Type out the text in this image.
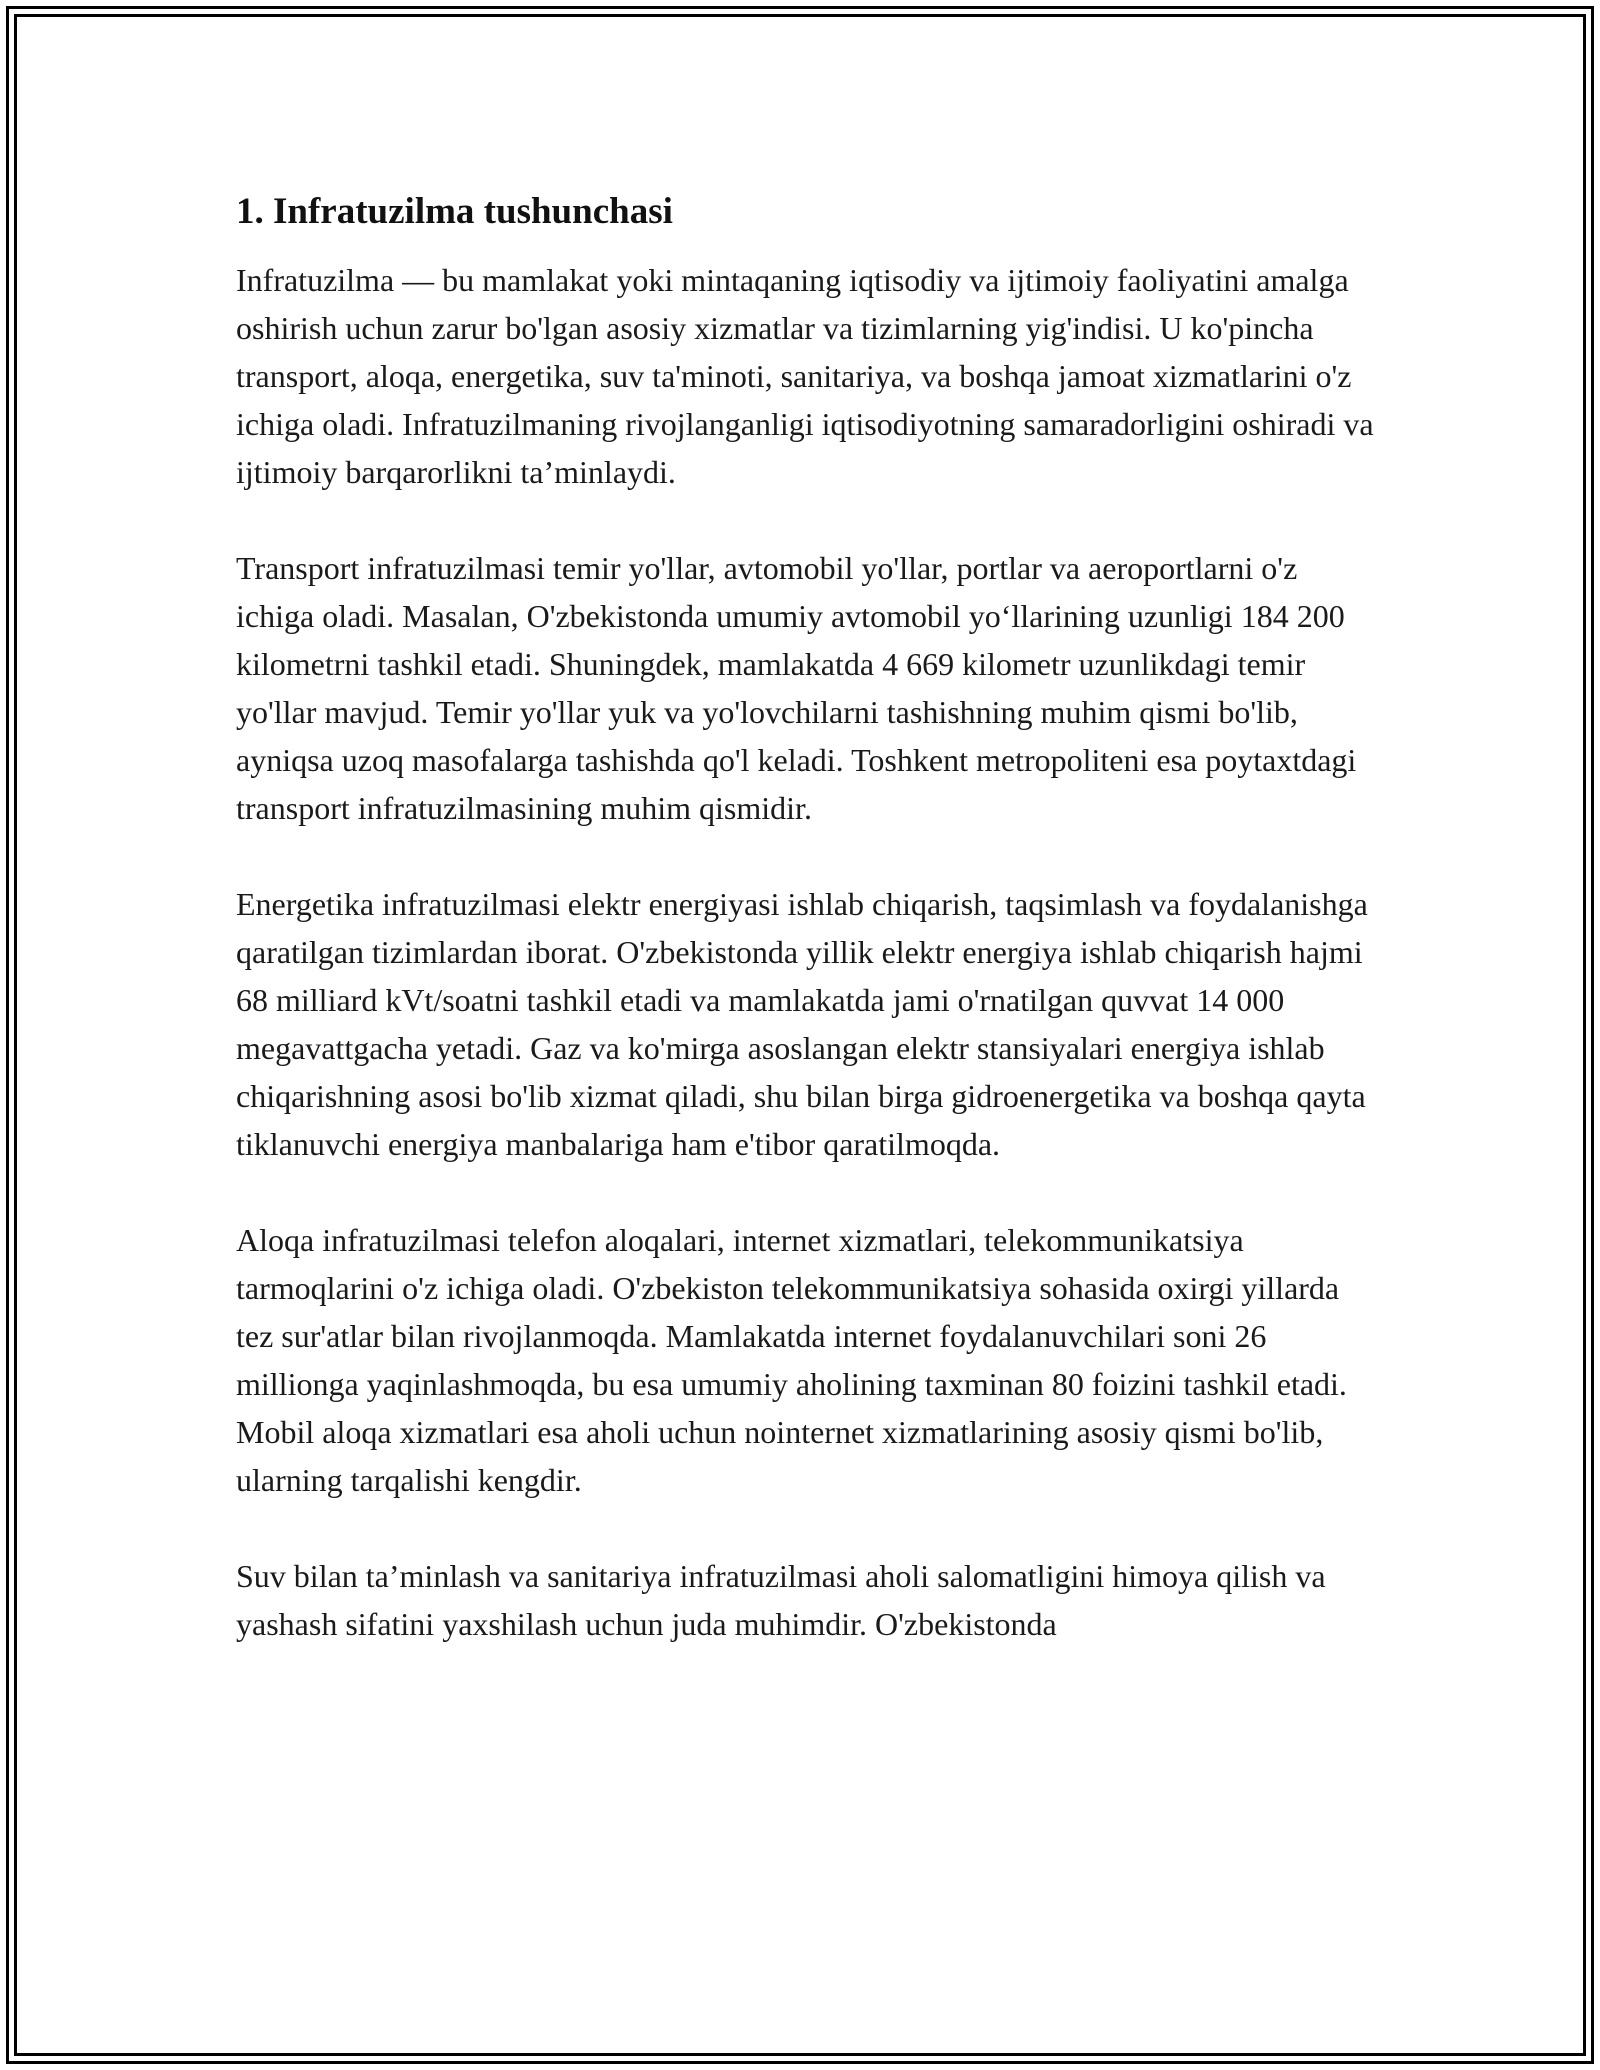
1. Infratuzilma tushunchasi

Infratuzilma — bu mamlakat yoki mintaqaning iqtisodiy va ijtimoiy faoliyatini amalga oshirish uchun zarur bo'lgan asosiy xizmatlar va tizimlarning yig'indisi. U ko'pincha transport, aloqa, energetika, suv ta'minoti, sanitariya, va boshqa jamoat xizmatlarini o'z ichiga oladi. Infratuzilmaning rivojlanganligi iqtisodiyotning samaradorligini oshiradi va ijtimoiy barqarorlikni ta’minlaydi.

Transport infratuzilmasi temir yo'llar, avtomobil yo'llar, portlar va aeroportlarni o'z ichiga oladi. Masalan, O'zbekistonda umumiy avtomobil yo‘llarining uzunligi 184 200 kilometrni tashkil etadi. Shuningdek, mamlakatda 4 669 kilometr uzunlikdagi temir yo'llar mavjud. Temir yo'llar yuk va yo'lovchilarni tashishning muhim qismi bo'lib, ayniqsa uzoq masofalarga tashishda qo'l keladi. Toshkent metropoliteni esa poytaxtdagi transport infratuzilmasining muhim qismidir.

Energetika infratuzilmasi elektr energiyasi ishlab chiqarish, taqsimlash va foydalanishga qaratilgan tizimlardan iborat. O'zbekistonda yillik elektr energiya ishlab chiqarish hajmi 68 milliard kVt/soatni tashkil etadi va mamlakatda jami o'rnatilgan quvvat 14 000 megavattgacha yetadi. Gaz va ko'mirga asoslangan elektr stansiyalari energiya ishlab chiqarishning asosi bo'lib xizmat qiladi, shu bilan birga gidroenergetika va boshqa qayta tiklanuvchi energiya manbalariga ham e'tibor qaratilmoqda.

Aloqa infratuzilmasi telefon aloqalari, internet xizmatlari, telekommunikatsiya tarmoqlarini o'z ichiga oladi. O'zbekiston telekommunikatsiya sohasida oxirgi yillarda tez sur'atlar bilan rivojlanmoqda. Mamlakatda internet foydalanuvchilari soni 26 millionga yaqinlashmoqda, bu esa umumiy aholining taxminan 80 foizini tashkil etadi. Mobil aloqa xizmatlari esa aholi uchun nointernet xizmatlarining asosiy qismi bo'lib, ularning tarqalishi kengdir.

Suv bilan ta’minlash va sanitariya infratuzilmasi aholi salomatligini himoya qilish va yashash sifatini yaxshilash uchun juda muhimdir. O'zbekistonda
